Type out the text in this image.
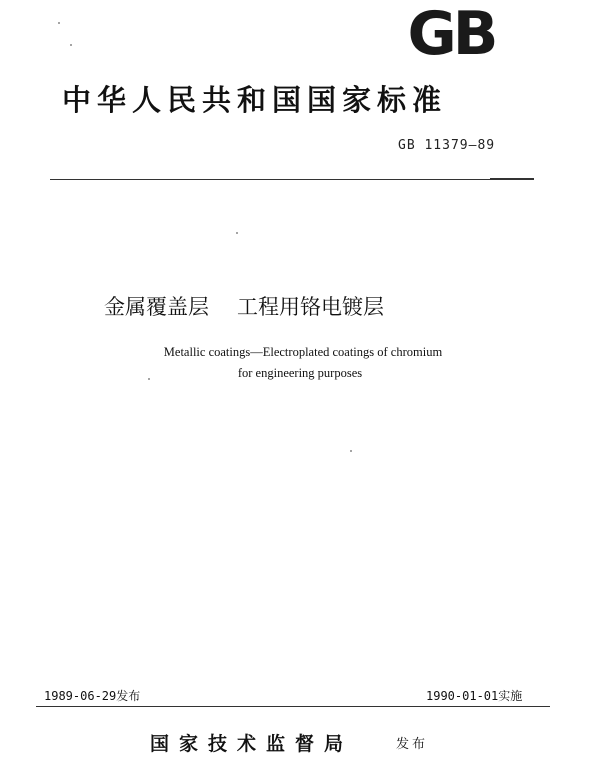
GB
中华人民共和国国家标准
GB 11379—89
金属覆盖层 工程用铬电镀层
Metallic coatings—Electroplated coatings of chromium
for engineering purposes
1989-06-29发布	1990-01-01实施
国家技术监督局	发布
